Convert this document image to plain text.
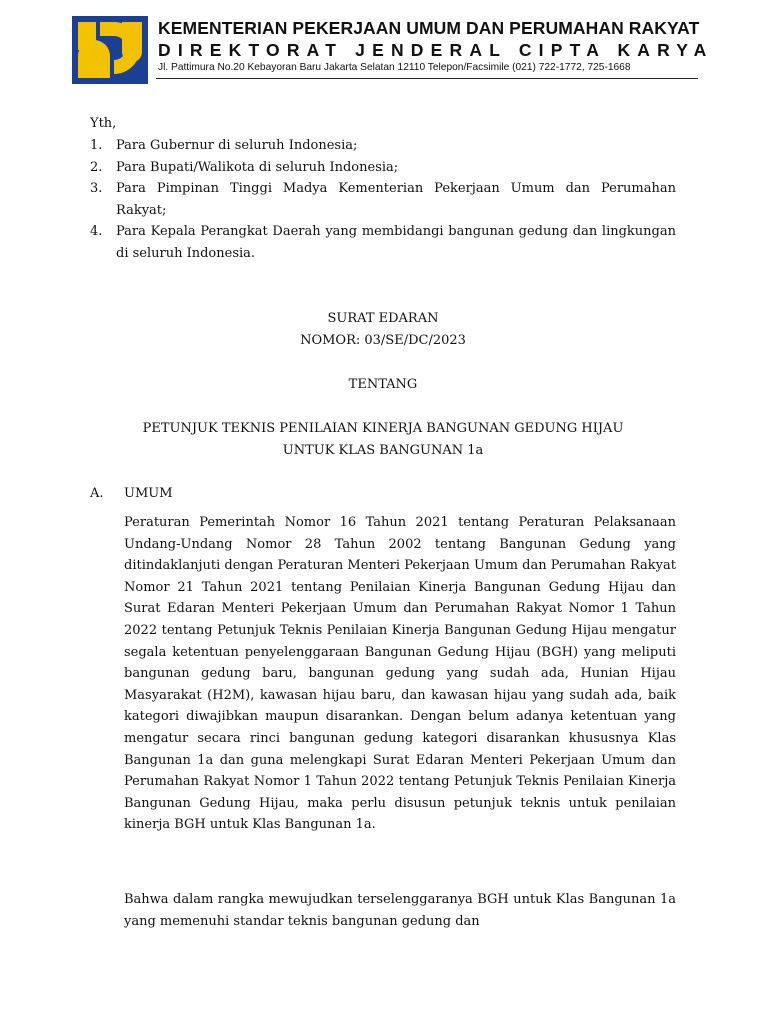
KEMENTERIAN PEKERJAAN UMUM DAN PERUMAHAN RAKYAT
DIREKTORAT JENDERAL CIPTA KARYA
Jl. Pattimura No.20 Kebayoran Baru Jakarta Selatan 12110 Telepon/Facsimile (021) 722-1772, 725-1668
Yth,
1.	Para Gubernur di seluruh Indonesia;
2.	Para Bupati/Walikota di seluruh Indonesia;
3.	Para Pimpinan Tinggi Madya Kementerian Pekerjaan Umum dan Perumahan Rakyat;
4.	Para Kepala Perangkat Daerah yang membidangi bangunan gedung dan lingkungan di seluruh Indonesia.
SURAT EDARAN
NOMOR: 03/SE/DC/2023
TENTANG
PETUNJUK TEKNIS PENILAIAN KINERJA BANGUNAN GEDUNG HIJAU
UNTUK KLAS BANGUNAN 1a
A.	UMUM

Peraturan Pemerintah Nomor 16 Tahun 2021 tentang Peraturan Pelaksanaan Undang-Undang Nomor 28 Tahun 2002 tentang Bangunan Gedung yang ditindaklanjuti dengan Peraturan Menteri Pekerjaan Umum dan Perumahan Rakyat Nomor 21 Tahun 2021 tentang Penilaian Kinerja Bangunan Gedung Hijau dan Surat Edaran Menteri Pekerjaan Umum dan Perumahan Rakyat Nomor 1 Tahun 2022 tentang Petunjuk Teknis Penilaian Kinerja Bangunan Gedung Hijau mengatur segala ketentuan penyelenggaraan Bangunan Gedung Hijau (BGH) yang meliputi bangunan gedung baru, bangunan gedung yang sudah ada, Hunian Hijau Masyarakat (H2M), kawasan hijau baru, dan kawasan hijau yang sudah ada, baik kategori diwajibkan maupun disarankan. Dengan belum adanya ketentuan yang mengatur secara rinci bangunan gedung kategori disarankan khususnya Klas Bangunan 1a dan guna melengkapi Surat Edaran Menteri Pekerjaan Umum dan Perumahan Rakyat Nomor 1 Tahun 2022 tentang Petunjuk Teknis Penilaian Kinerja Bangunan Gedung Hijau, maka perlu disusun petunjuk teknis untuk penilaian kinerja BGH untuk Klas Bangunan 1a.

Bahwa dalam rangka mewujudkan terselenggaranya BGH untuk Klas Bangunan 1a yang memenuhi standar teknis bangunan gedung dan
